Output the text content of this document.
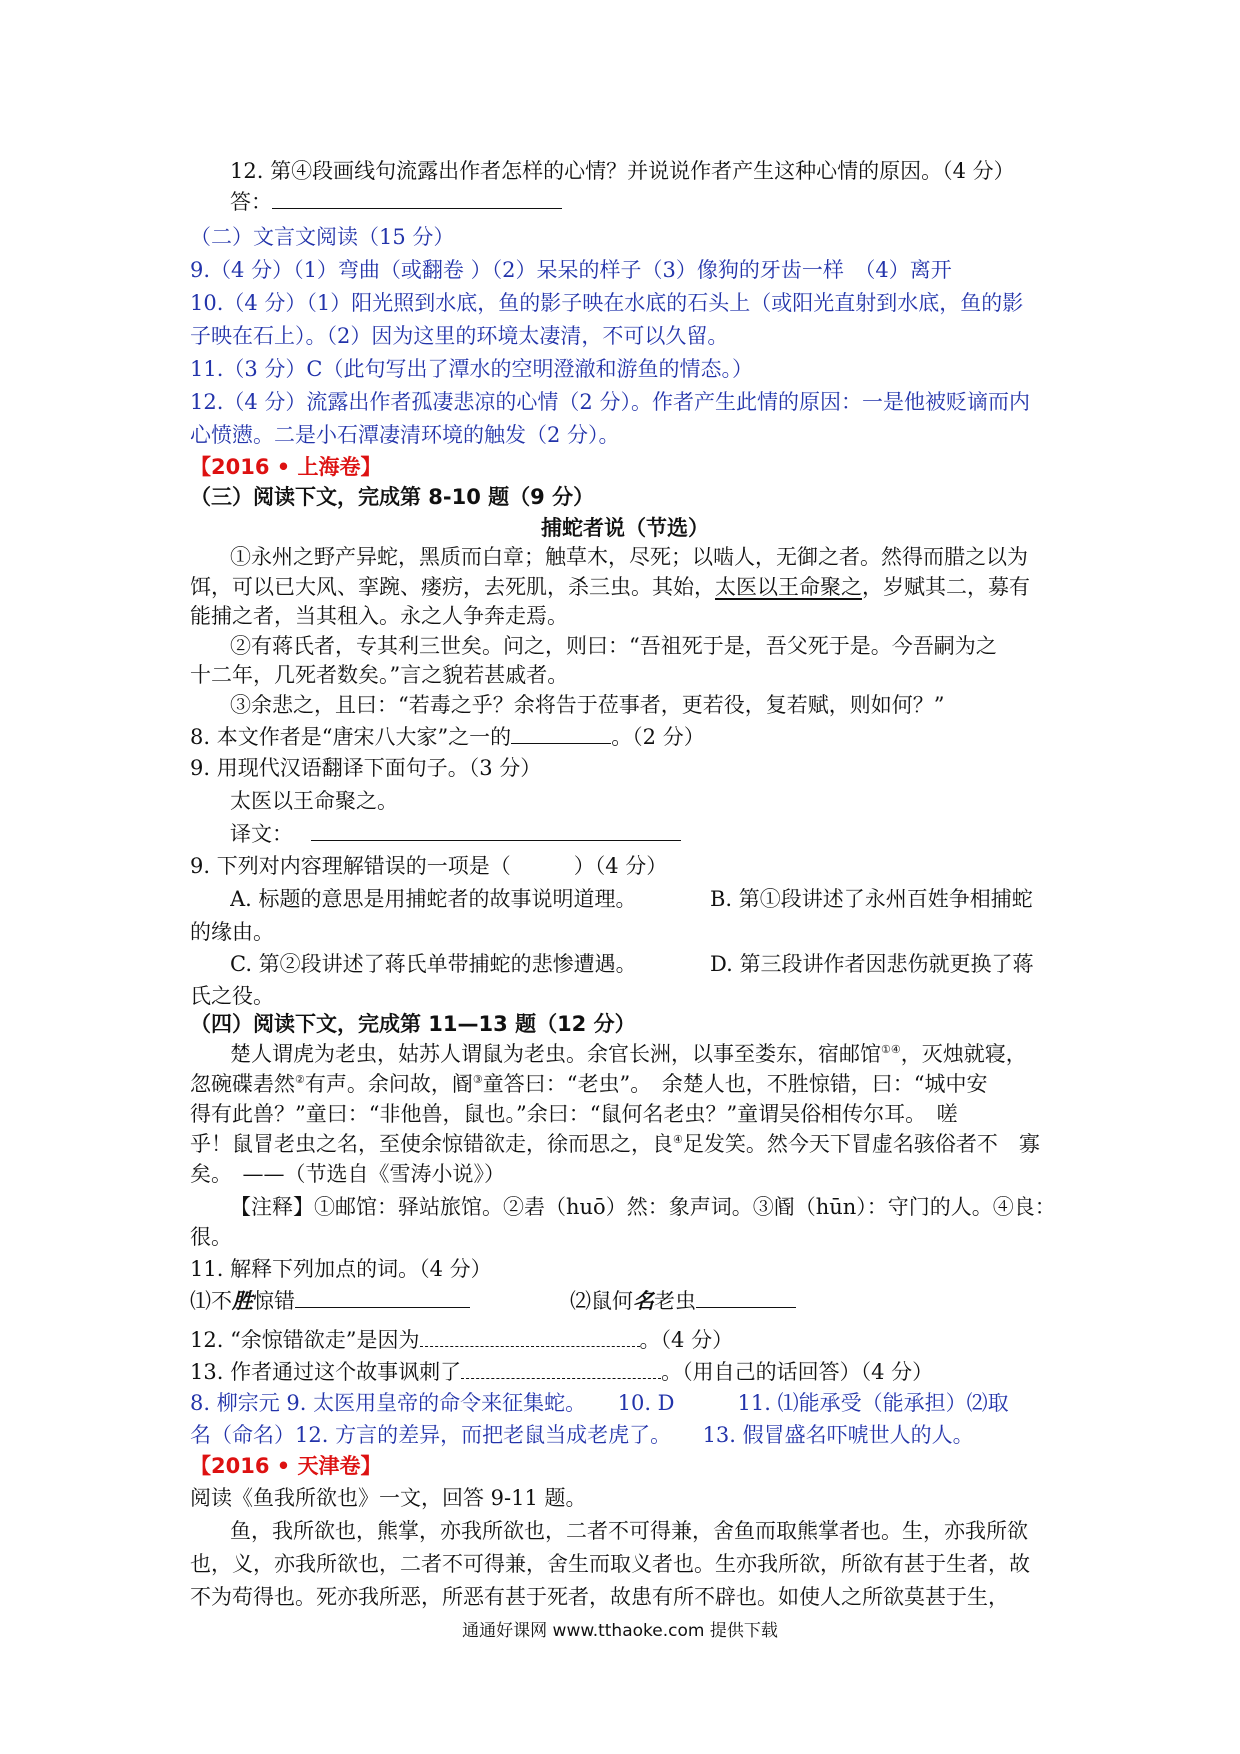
12. 第④段画线句流露出作者怎样的心情？并说说作者产生这种心情的原因。（4 分）
答：
（二）文言文阅读（15 分）
9.（4 分）（1）弯曲（或翻卷 ）（2）呆呆的样子（3）像狗的牙齿一样　（4）离开
10.（4 分）（1）阳光照到水底，鱼的影子映在水底的石头上（或阳光直射到水底，鱼的影
子映在石上）。（2）因为这里的环境太凄清，不可以久留。
11.（3 分）C（此句写出了潭水的空明澄澈和游鱼的情态。）
12.（4 分）流露出作者孤凄悲凉的心情（2 分）。作者产生此情的原因：一是他被贬谪而内
心愤懑。二是小石潭凄清环境的触发（2 分）。
【2016 • 上海卷】
（三）阅读下文，完成第 8-10 题（9 分）
捕蛇者说（节选）
①永州之野产异蛇，黑质而白章；触草木，尽死；以啮人，无御之者。然得而腊之以为
饵，可以已大风、挛踠、瘘疠，去死肌，杀三虫。其始，太医以王命聚之，岁赋其二，募有
能捕之者，当其租入。永之人争奔走焉。
②有蒋氏者，专其利三世矣。问之，则曰：“吾祖死于是，吾父死于是。今吾嗣为之
十二年，几死者数矣。”言之貌若甚戚者。
③余悲之，且曰：“若毒之乎？余将告于莅事者，更若役，复若赋，则如何？”
8. 本文作者是“唐宋八大家”之一的	。（2 分）
9. 用现代汉语翻译下面句子。（3 分）
太医以王命聚之。
译文：
9. 下列对内容理解错误的一项是（　　　）（4 分）
A. 标题的意思是用捕蛇者的故事说明道理。	B. 第①段讲述了永州百姓争相捕蛇
的缘由。
C. 第②段讲述了蒋氏单带捕蛇的悲惨遭遇。	D. 第三段讲作者因悲伤就更换了蒋
氏之役。
（四）阅读下文，完成第 11—13 题（12 分）
楚人谓虎为老虫，姑苏人谓鼠为老虫。余官长洲，以事至娄东，宿邮馆①④，灭烛就寝，
忽碗碟砉然②有声。余问故，阍③童答曰：“老虫”。　余楚人也，不胜惊错，曰：“城中安
得有此兽？”童曰：“非他兽，鼠也。”余曰：“鼠何名老虫？”童谓吴俗相传尔耳。　嗟
乎！鼠冒老虫之名，至使余惊错欲走，徐而思之，良④足发笑。然今天下冒虚名骇俗者不　寡
矣。　——（节选自《雪涛小说》）
【注释】①邮馆：驿站旅馆。②砉（huō）然：象声词。③阍（hūn）：守门的人。④良：
很。
11. 解释下列加点的词。（4 分）
⑴不胜惊错	⑵鼠何名老虫
12. “余惊错欲走”是因为	。（4 分）
13. 作者通过这个故事讽刺了	。（用自己的话回答）（4 分）
8. 柳宗元 9. 太医用皇帝的命令来征集蛇。　　10. D　　　11. ⑴能承受（能承担）⑵取
名（命名）12. 方言的差异，而把老鼠当成老虎了。　　13. 假冒盛名吓唬世人的人。
【2016 • 天津卷】
阅读《鱼我所欲也》一文，回答 9-11 题。
鱼，我所欲也，熊掌，亦我所欲也，二者不可得兼，舍鱼而取熊掌者也。生，亦我所欲
也，义，亦我所欲也，二者不可得兼，舍生而取义者也。生亦我所欲，所欲有甚于生者，故
不为苟得也。死亦我所恶，所恶有甚于死者，故患有所不辟也。如使人之所欲莫甚于生，
通通好课网 www.tthaoke.com 提供下载
